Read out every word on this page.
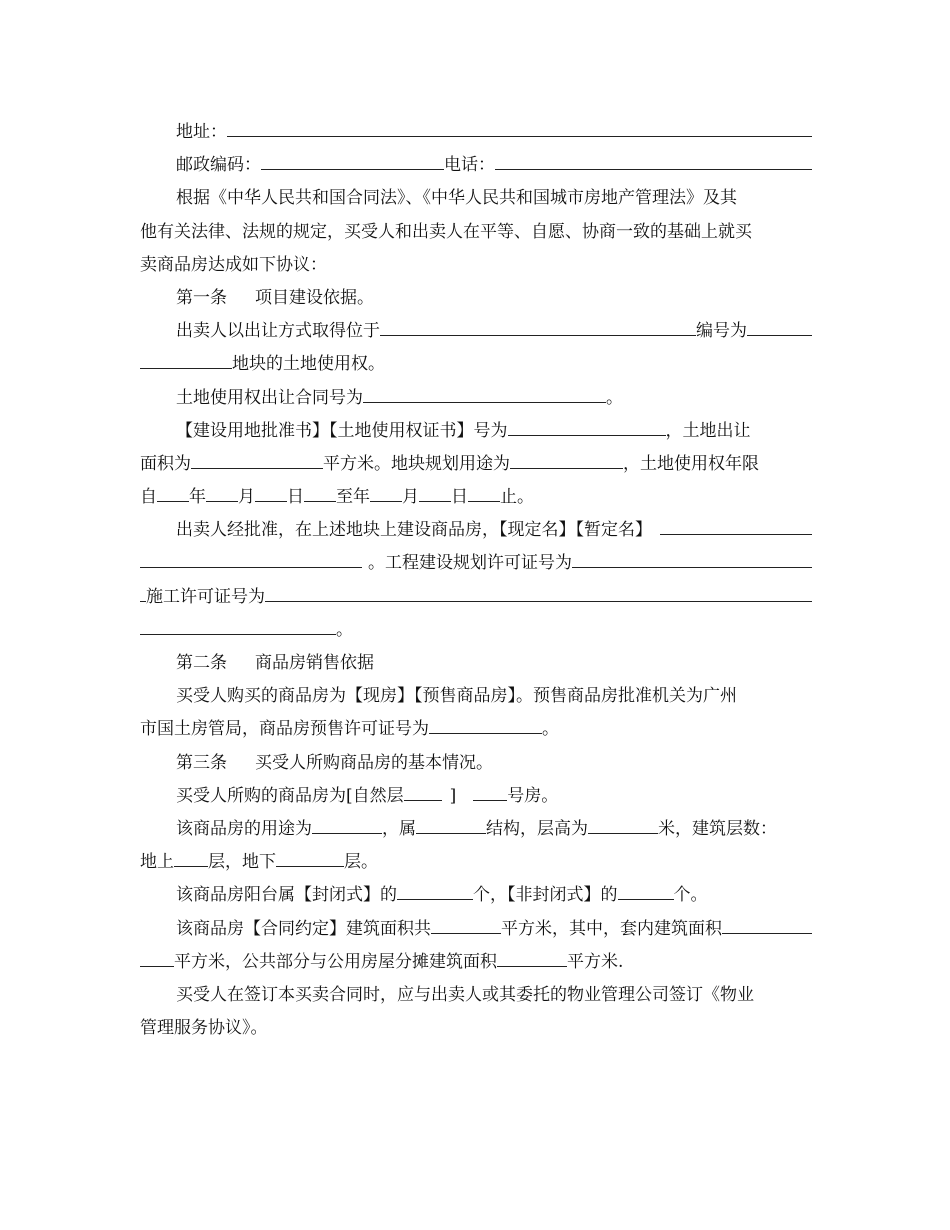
地址：
邮政编码：	电话：
根据《中华人民共和国合同法》、《中华人民共和国城市房地产管理法》及其
他有关法律、法规的规定，买受人和出卖人在平等、自愿、协商一致的基础上就买
卖商品房达成如下协议：
第一条 项目建设依据。
出卖人以出让方式取得位于	编号为
地块的土地使用权。
土地使用权出让合同号为	。
【建设用地批准书】【土地使用权证书】号为	，土地出让
面积为	平方米。地块规划用途为	，土地使用权年限
自 年 月 日 至年 月 日 止。
出卖人经批准，在上述地块上建设商品房，【现定名】【暂定名】
。工程建设规划许可证号为
施工许可证号为
。
第二条 商品房销售依据
买受人购买的商品房为【现房】【预售商品房】。预售商品房批准机关为广州
市国土房管局，商品房预售许可证号为	。
第三条 买受人所购商品房的基本情况。
买受人所购的商品房为[自然层	]	号房。
该商品房的用途为	，属	结构，层高为	米，建筑层数：
地上 层，地下	层。
该商品房阳台属【封闭式】的	个，【非封闭式】的	个。
该商品房【合同约定】建筑面积共	平方米，其中，套内建筑面积
平方米，公共部分与公用房屋分摊建筑面积	平方米.
买受人在签订本买卖合同时，应与出卖人或其委托的物业管理公司签订《物业
管理服务协议》。
